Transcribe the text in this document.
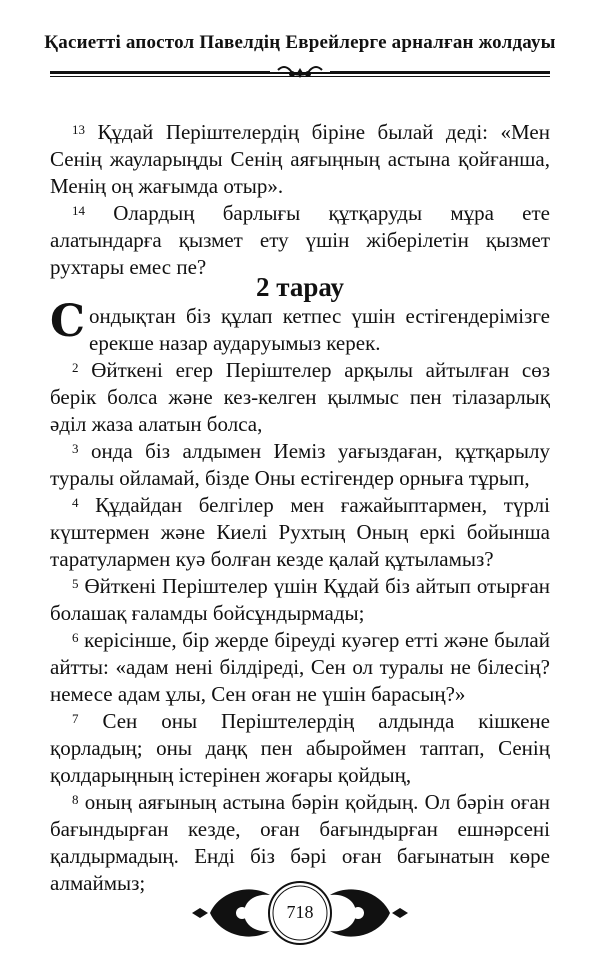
Қасиетті апостол Павелдің Еврейлерге арналған жолдауы

$^{13}$ Құдай Періштелердің біріне былай деді: «Мен Сенің жауларыңды Сенің аяғыңның астына қойғанша, Менің оң жағымда отыр».

$^{14}$ Олардың барлығы құтқаруды мұра ете алатындарға қызмет ету үшін жіберілетін қызмет рухтары емес пе?

2 тарау

Сондықтан біз құлап кетпес үшін естігендерімізге ерекше назар аударуымыз керек.

$^2$ Өйткені егер Періштелер арқылы айтылған сөз берік болса және кез-келген қылмыс пен тілазарлық әділ жаза алатын болса,

$^3$ онда біз алдымен Иеміз уағыздаған, құтқарылу туралы ойламай, бізде Оны естігендер орныға тұрып,

$^4$ Құдайдан белгілер мен ғажайыптармен, түрлі күштермен және Киелі Рухтың Оның еркі бойынша таратулармен куә болған кезде қалай құтыламыз?

$^5$ Өйткені Періштелер үшін Құдай біз айтып отырған болашақ ғаламды бойсұндырмады;

$^6$ керісінше, бір жерде біреуді куәгер етті және былай айтты: «адам нені білдіреді, Сен ол туралы не білесің? немесе адам ұлы, Сен оған не үшін барасың?»

$^7$ Сен оны Періштелердің алдында кішкене қорладың; оны даңқ пен абыроймен таптап, Сенің қолдарыңның істерінен жоғары қойдың,

$^8$ оның аяғының астына бәрін қойдың. Ол бәрін оған бағындырған кезде, оған бағындырған ешнәрсені қалдырмадың. Енді біз бәрі оған бағынатын көре алмаймыз;

718
